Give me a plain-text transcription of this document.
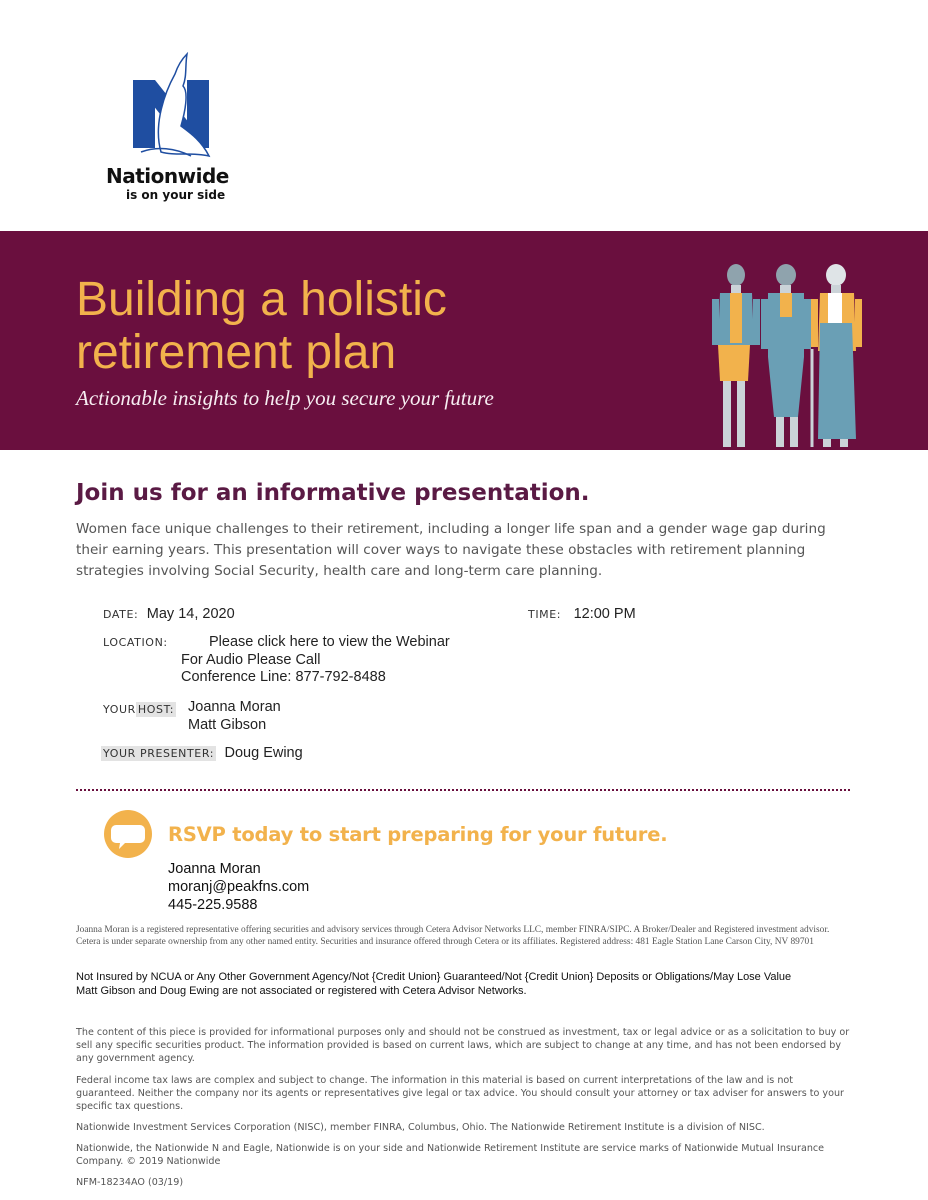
Nationwide
is on your side
Building a holistic
retirement plan
Actionable insights to help you secure your future
Join us for an informative presentation.

Women face unique challenges to their retirement, including a longer life span and a gender wage gap during their earning years. This presentation will cover ways to navigate these obstacles with retirement planning strategies involving Social Security, health care and long-term care planning.

DATE: May 14, 2020	TIME: 12:00 PM
LOCATION:	Please click here to view the Webinar
For Audio Please Call
Conference Line: 877-792-8488
YOUR HOST: Joanna Moran
Matt Gibson
YOUR PRESENTER: Doug Ewing
RSVP today to start preparing for your future.
Joanna Moran
moranj@peakfns.com
445-225.9588

Joanna Moran is a registered representative offering securities and advisory services through Cetera Advisor Networks LLC, member FINRA/SIPC. A Broker/Dealer and Registered investment advisor. Cetera is under separate ownership from any other named entity. Securities and insurance offered through Cetera or its affiliates. Registered address: 481 Eagle Station Lane Carson City, NV 89701

Not Insured by NCUA or Any Other Government Agency/Not {Credit Union} Guaranteed/Not {Credit Union} Deposits or Obligations/May Lose Value
Matt Gibson and Doug Ewing are not associated or registered with Cetera Advisor Networks.

The content of this piece is provided for informational purposes only and should not be construed as investment, tax or legal advice or as a solicitation to buy or sell any specific securities product. The information provided is based on current laws, which are subject to change at any time, and has not been endorsed by any government agency.

Federal income tax laws are complex and subject to change. The information in this material is based on current interpretations of the law and is not guaranteed. Neither the company nor its agents or representatives give legal or tax advice. You should consult your attorney or tax adviser for answers to your specific tax questions.

Nationwide Investment Services Corporation (NISC), member FINRA, Columbus, Ohio. The Nationwide Retirement Institute is a division of NISC.

Nationwide, the Nationwide N and Eagle, Nationwide is on your side and Nationwide Retirement Institute are service marks of Nationwide Mutual Insurance Company. © 2019 Nationwide

NFM-18234AO (03/19)
